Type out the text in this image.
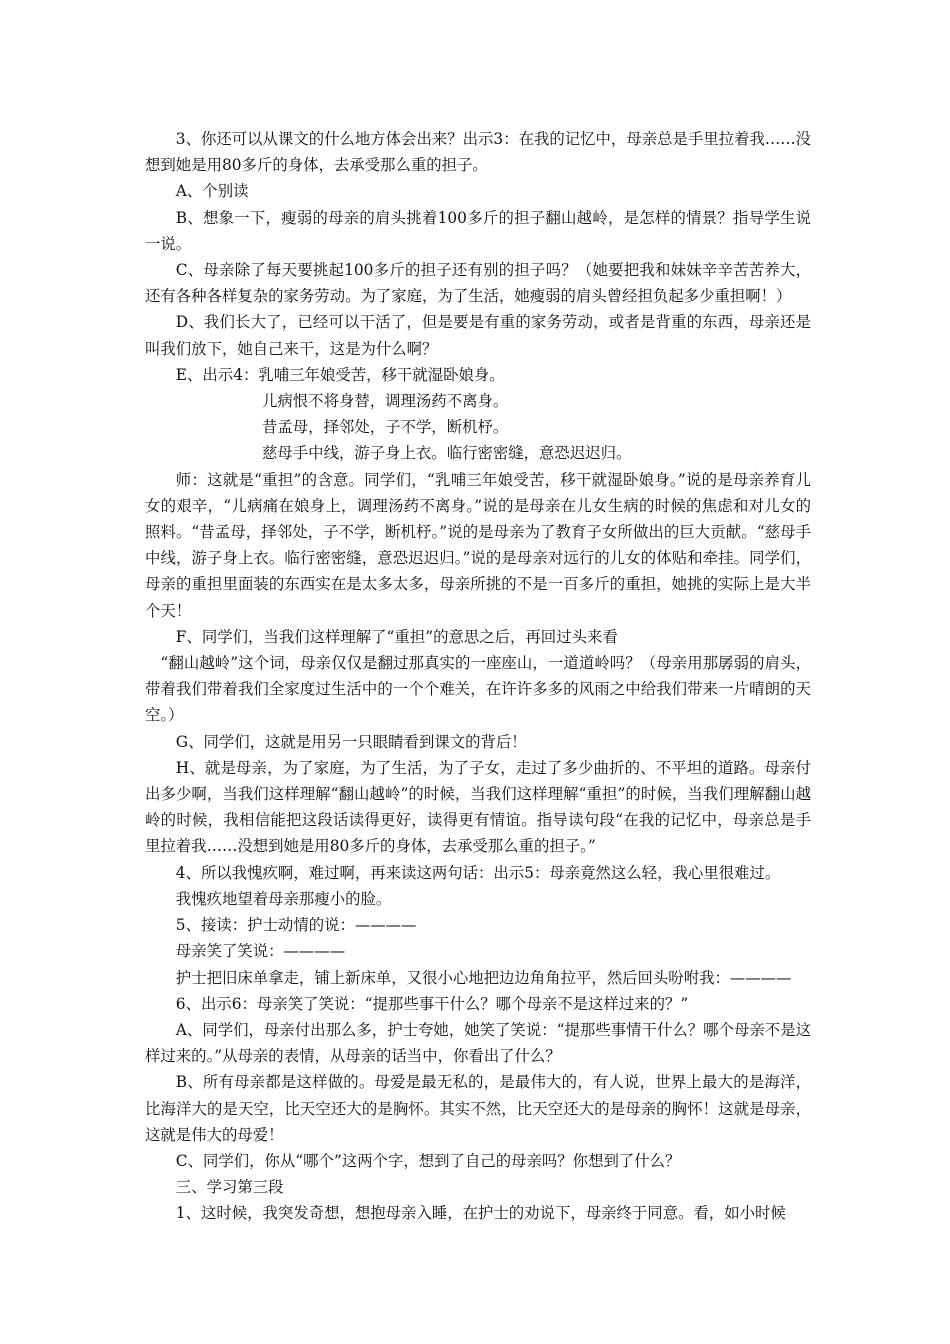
3、你还可以从课文的什么地方体会出来？出示3：在我的记忆中，母亲总是手里拉着我……没想到她是用80多斤的身体，去承受那么重的担子。

A、个别读

B、想象一下，瘦弱的母亲的肩头挑着100多斤的担子翻山越岭，是怎样的情景？指导学生说一说。

C、母亲除了每天要挑起100多斤的担子还有别的担子吗？（她要把我和妹妹辛辛苦苦养大，还有各种各样复杂的家务劳动。为了家庭，为了生活，她瘦弱的肩头曾经担负起多少重担啊！）

D、我们长大了，已经可以干活了，但是要是有重的家务劳动，或者是背重的东西，母亲还是叫我们放下，她自己来干，这是为什么啊？

E、出示4：乳哺三年娘受苦，移干就湿卧娘身。

儿病恨不将身替，调理汤药不离身。

昔孟母，择邻处，子不学，断机杼。

慈母手中线，游子身上衣。临行密密缝，意恐迟迟归。

师：这就是“重担”的含意。同学们，“乳哺三年娘受苦，移干就湿卧娘身。”说的是母亲养育儿女的艰辛，“儿病痛在娘身上，调理汤药不离身。”说的是母亲在儿女生病的时候的焦虑和对儿女的照料。“昔孟母，择邻处，子不学，断机杼。”说的是母亲为了教育子女所做出的巨大贡献。“慈母手中线，游子身上衣。临行密密缝，意恐迟迟归。”说的是母亲对远行的儿女的体贴和牵挂。同学们，母亲的重担里面装的东西实在是太多太多，母亲所挑的不是一百多斤的重担，她挑的实际上是大半个天！

F、同学们，当我们这样理解了“重担”的意思之后，再回过头来看

“翻山越岭”这个词，母亲仅仅是翻过那真实的一座座山，一道道岭吗？（母亲用那孱弱的肩头，带着我们带着我们全家度过生活中的一个个难关，在许许多多的风雨之中给我们带来一片晴朗的天空。）

G、同学们，这就是用另一只眼睛看到课文的背后！

H、就是母亲，为了家庭，为了生活，为了子女，走过了多少曲折的、不平坦的道路。母亲付出多少啊，当我们这样理解“翻山越岭”的时候，当我们这样理解“重担”的时候，当我们理解翻山越岭的时候，我相信能把这段话读得更好，读得更有情谊。指导读句段“在我的记忆中，母亲总是手里拉着我……没想到她是用80多斤的身体，去承受那么重的担子。”

4、所以我愧疚啊，难过啊，再来读这两句话：出示5：母亲竟然这么轻，我心里很难过。

我愧疚地望着母亲那瘦小的脸。

5、接读：护士动情的说：————

母亲笑了笑说：————

护士把旧床单拿走，铺上新床单，又很小心地把边边角角拉平，然后回头吩咐我：————

6、出示6：母亲笑了笑说：“提那些事干什么？哪个母亲不是这样过来的？”

A、同学们，母亲付出那么多，护士夸她，她笑了笑说：“提那些事情干什么？哪个母亲不是这样过来的。”从母亲的表情，从母亲的话当中，你看出了什么？

B、所有母亲都是这样做的。母爱是最无私的，是最伟大的，有人说，世界上最大的是海洋，比海洋大的是天空，比天空还大的是胸怀。其实不然，比天空还大的是母亲的胸怀！这就是母亲，这就是伟大的母爱！

C、同学们，你从“哪个”这两个字，想到了自己的母亲吗？你想到了什么？

三、学习第三段

1、这时候，我突发奇想，想抱母亲入睡，在护士的劝说下，母亲终于同意。看，如小时候
